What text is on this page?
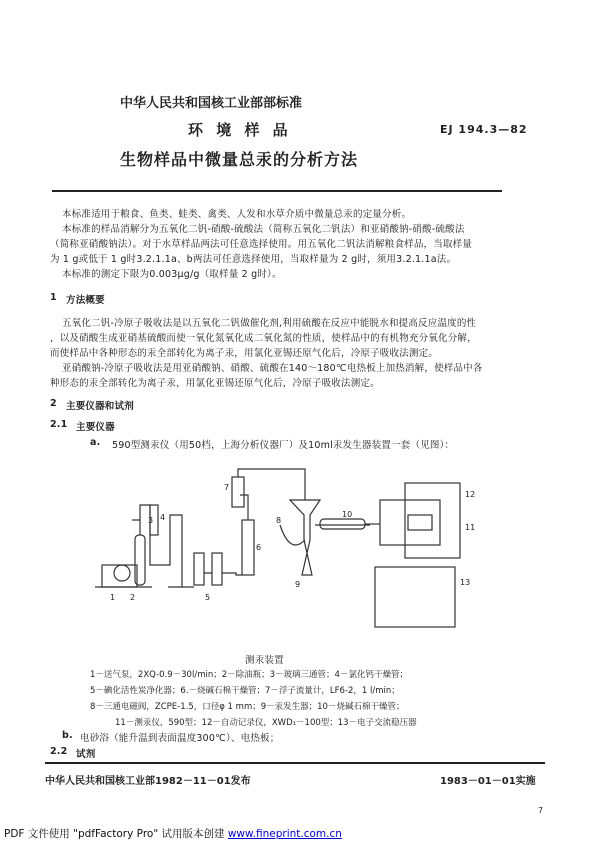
中华人民共和国核工业部部标准
环 境 样 品	EJ 194.3—82
生物样品中微量总汞的分析方法
本标准适用于粮食、鱼类、蛙类、禽类、人发和水草介质中微量总汞的定量分析。
本标准的样品消解分为五氧化二钒-硝酸-硫酸法（简称五氧化二钒法）和亚硝酸钠-硝酸-硫酸法
（简称亚硝酸钠法）。对于水草样品两法可任意选择使用。用五氧化二钒法消解粮食样品，当取样量
为 1 g或低于 1 g时3.2.1.1a、b两法可任意选择使用，当取样量为 2 g时，须用3.2.1.1a法。
本标准的测定下限为0.003μg/g（取样量 2 g时）。
1 方法概要
五氧化二钒-冷原子吸收法是以五氧化二钒做催化剂,利用硫酸在反应中能脱水和提高反应温度的性
，以及硝酸生成亚硝基硫酸而使一氧化氮氧化成二氧化氮的性质，使样品中的有机物充分氧化分解，
而使样品中各种形态的汞全部转化为离子汞，用氯化亚锡还原气化后，冷原子吸收法测定。
亚硝酸钠-冷原子吸收法是用亚硝酸钠、硝酸、硫酸在140～180℃电热板上加热消解，使样品中各
种形态的汞全部转化为离子汞，用氯化亚锡还原气化后，冷原子吸收法测定。
2 主要仪器和试剂
2.1 主要仪器
a. 590型测汞仪（用50档，上海分析仪器厂）及10ml汞发生器装置一套（见图）：
1 2
3 4
5
6
7
8
9
10
11
12
13
测汞装置
1－送气泵，2XQ-0.9－30l/min；2－除油瓶；3－玻璃三通管；4－氯化钙干燥管；
5－碘化活性炭净化器；6.－烧碱石棉干燥管；7－浮子流量计，LF6-2，1 l/min；
8－三通电磁阀，ZCPE-1.5，口径φ 1 mm；9－汞发生器；10－烧碱石棉干燥管；
11－测汞仪，590型；12－自动记录仪，XWD₁－100型；13－电子交流稳压器
b. 电砂浴（能升温到表面温度300℃）、电热板；
2.2 试剂
中华人民共和国核工业部1982－11－01发布	1983－01－01实施
7
PDF 文件使用 "pdfFactory Pro" 试用版本创建 www.fineprint.com.cn
